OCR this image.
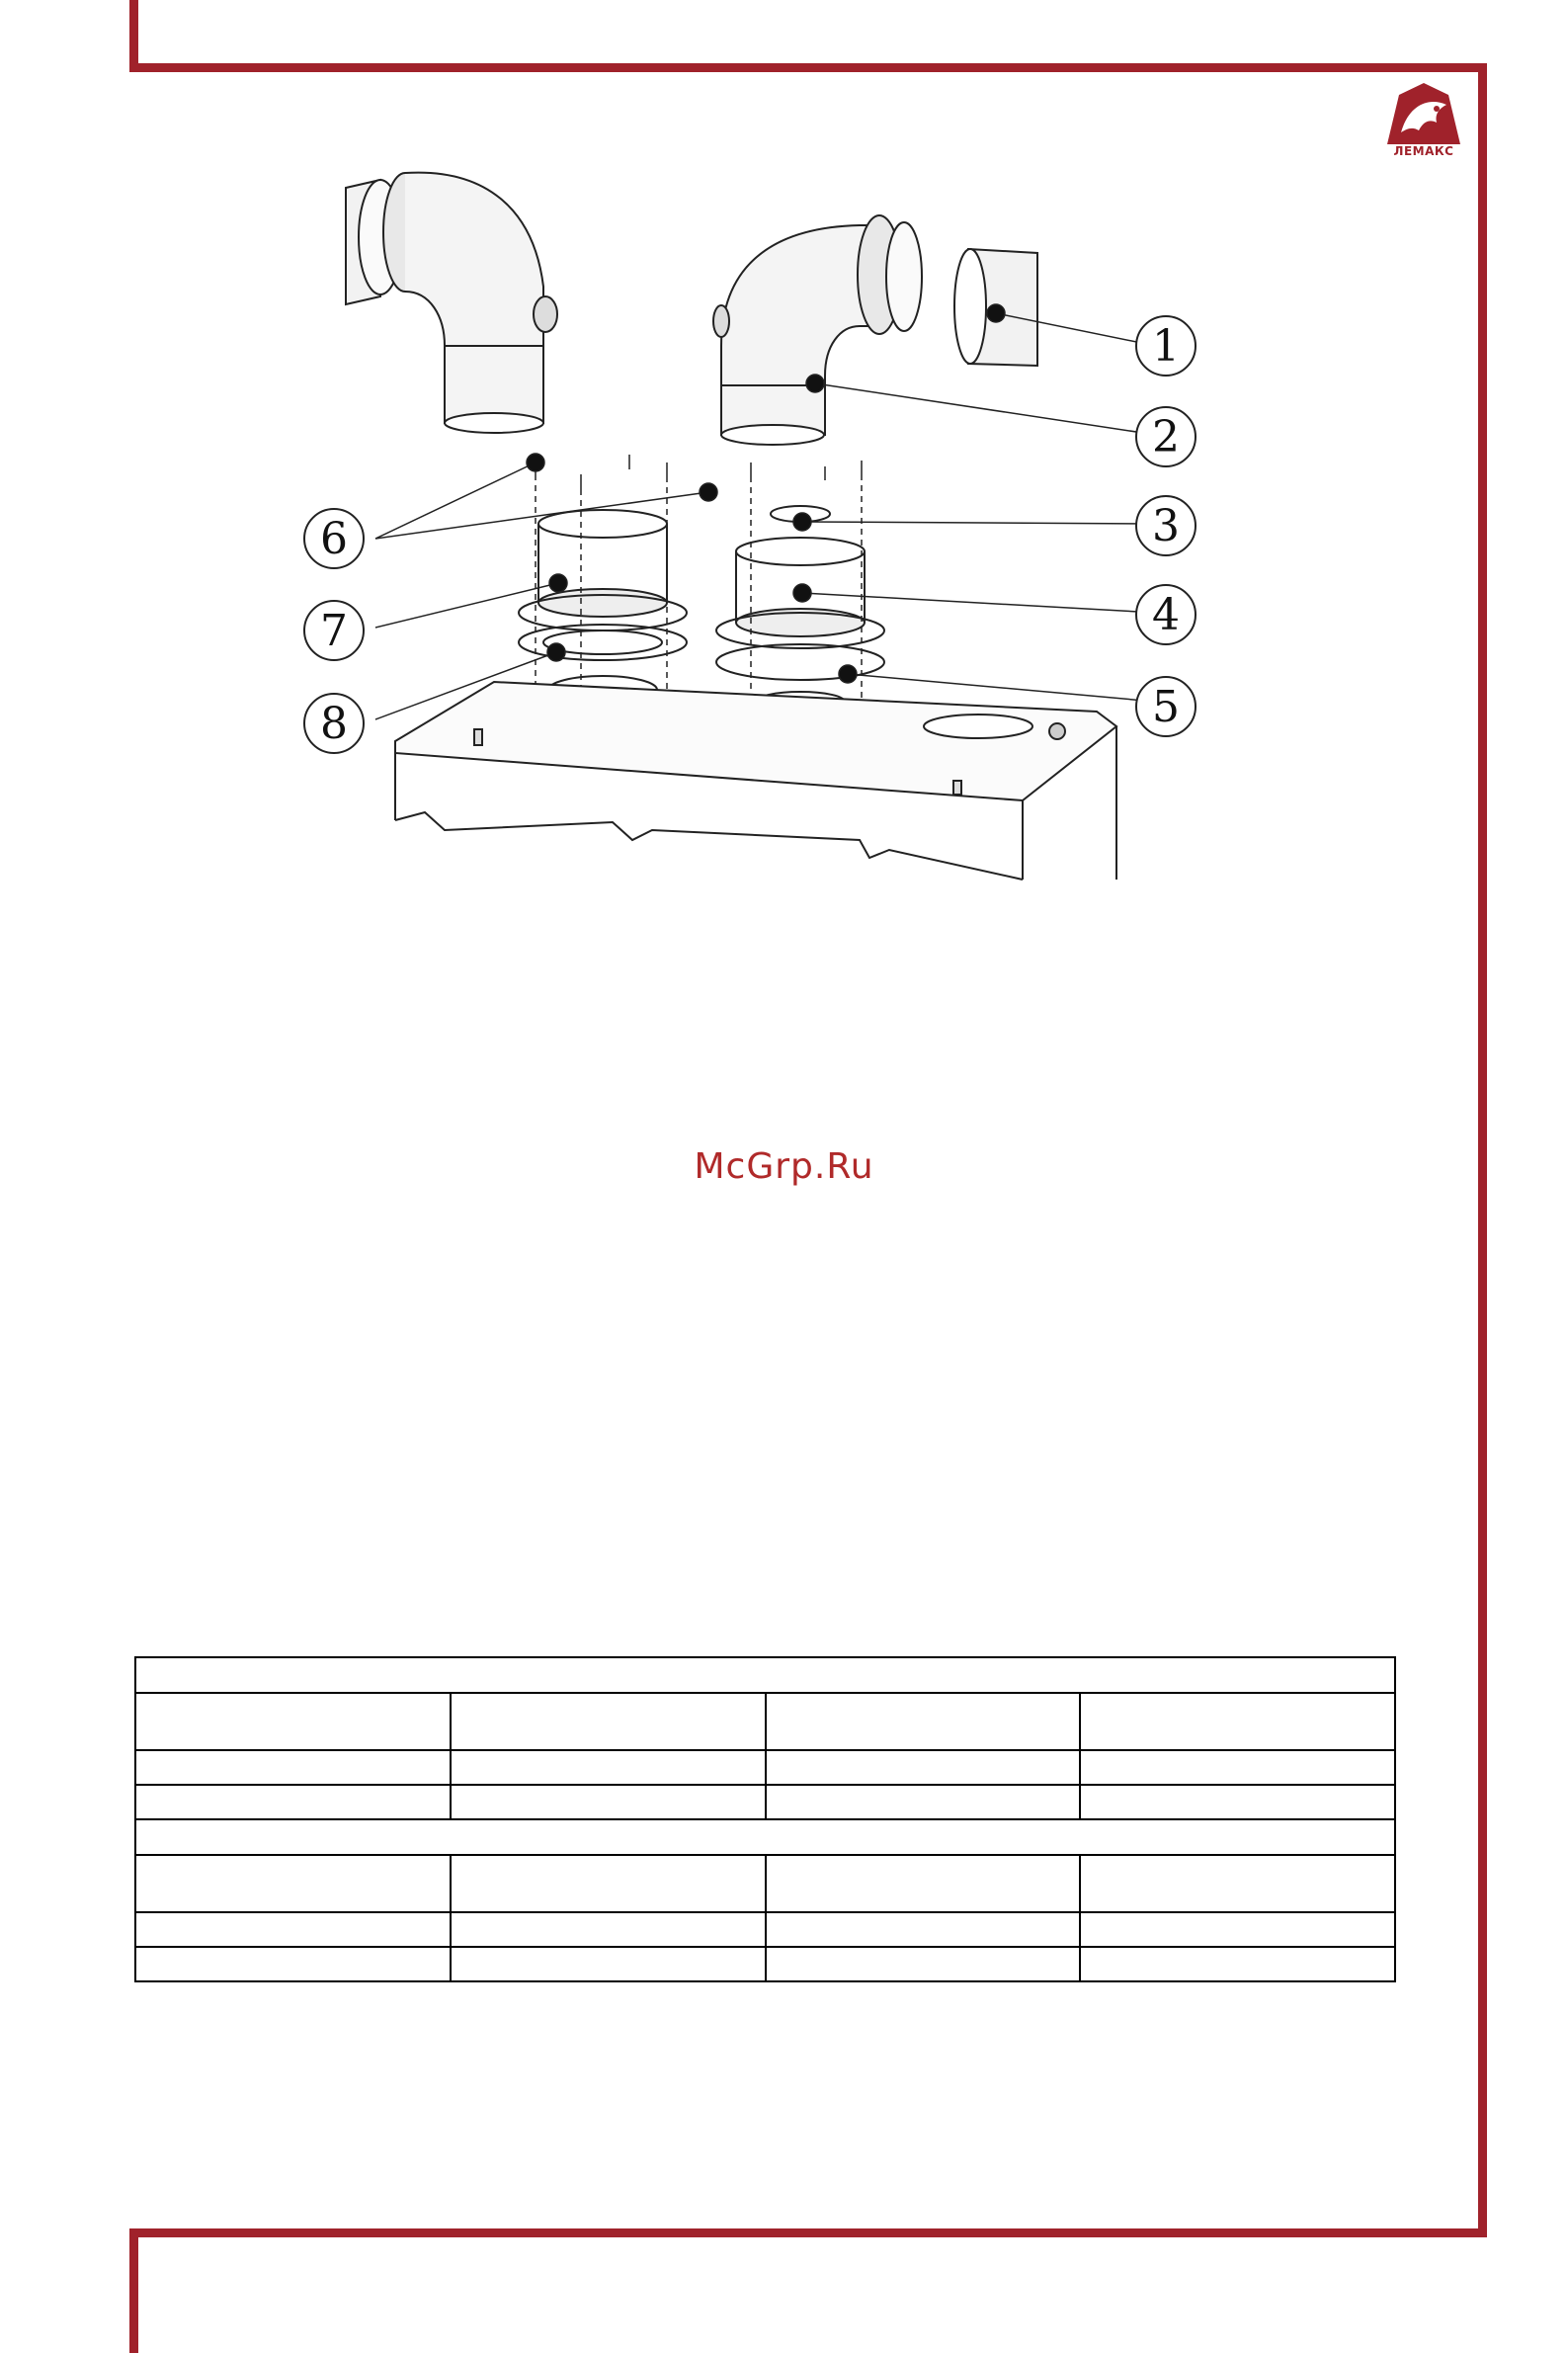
ЛЕМАКС
1
2
3
4
5
6
7
8
McGrp.Ru
